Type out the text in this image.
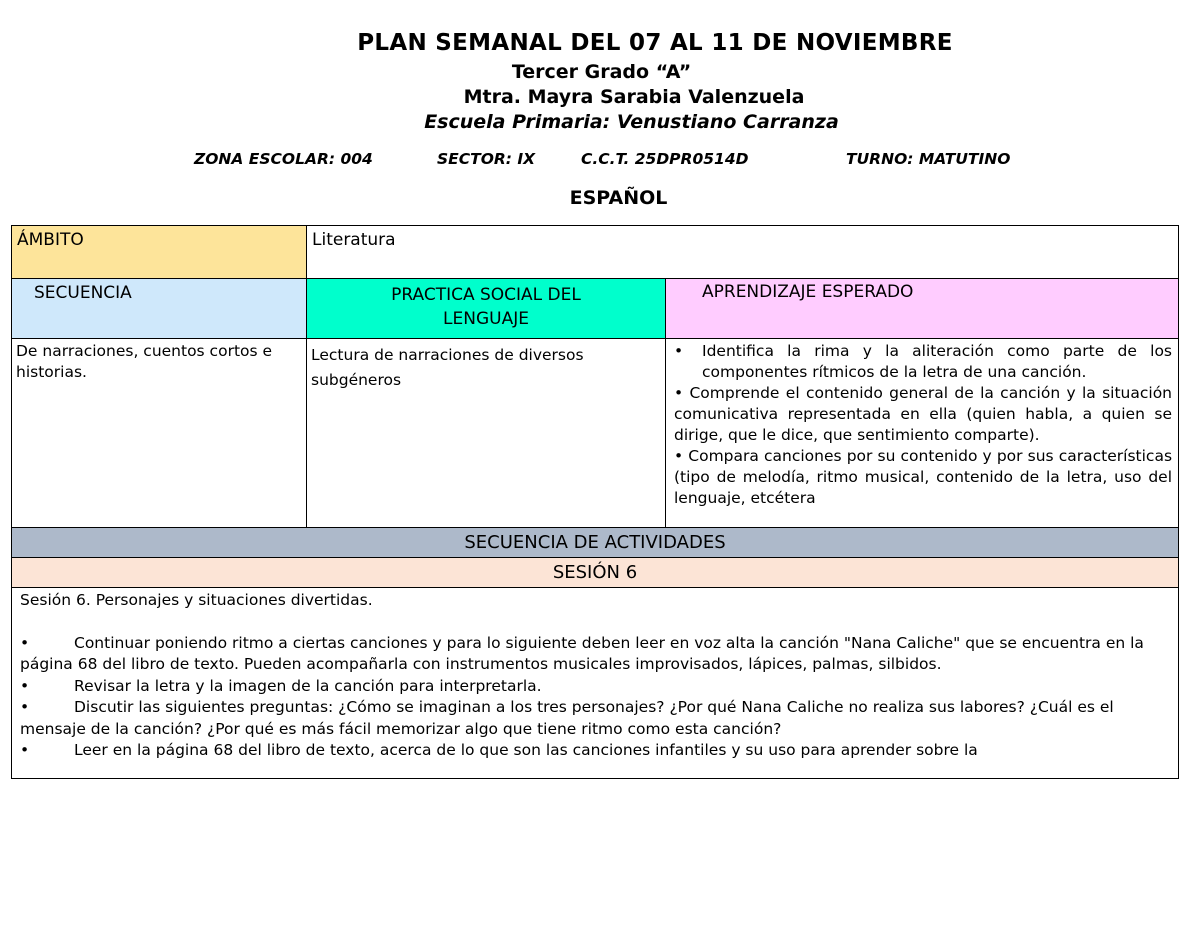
PLAN SEMANAL DEL 07 AL 11 DE NOVIEMBRE
Tercer Grado “A”
Mtra. Mayra Sarabia Valenzuela
Escuela Primaria: Venustiano Carranza
ZONA ESCOLAR: 004	SECTOR: IX	C.C.T. 25DPR0514D	TURNO: MATUTINO
ESPAÑOL
ÁMBITO	Literatura	

SECUENCIA	PRACTICA SOCIAL DEL LENGUAJE	APRENDIZAJE ESPERADO

De narraciones, cuentos cortos e historias.	Lectura de narraciones de diversos subgéneros	• Identifica la rima y la aliteración como parte de los componentes rítmicos de la letra de una canción.
• Comprende el contenido general de la canción y la situación comunicativa representada en ella (quien habla, a quien se dirige, que le dice, que sentimiento comparte).
• Compara canciones por su contenido y por sus características (tipo de melodía, ritmo musical, contenido de la letra, uso del lenguaje, etcétera

SECUENCIA DE ACTIVIDADES		
SESIÓN 6		

Sesión 6. Personajes y situaciones divertidas.
• Continuar poniendo ritmo a ciertas canciones y para lo siguiente deben leer en voz alta la canción "Nana Caliche" que se encuentra en la página 68 del libro de texto. Pueden acompañarla con instrumentos musicales improvisados, lápices, palmas, silbidos.
• Revisar la letra y la imagen de la canción para interpretarla.
• Discutir las siguientes preguntas: ¿Cómo se imaginan a los tres personajes? ¿Por qué Nana Caliche no realiza sus labores? ¿Cuál es el mensaje de la canción? ¿Por qué es más fácil memorizar algo que tiene ritmo como esta canción?
• Leer en la página 68 del libro de texto, acerca de lo que son las canciones infantiles y su uso para aprender sobre la		
